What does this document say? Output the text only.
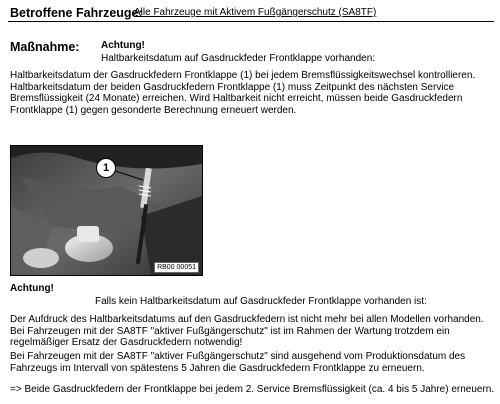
Betroffene Fahrzeuge:
Alle Fahrzeuge mit Aktivem Fußgängerschutz (SA8TF)
Maßnahme: Achtung!
Haltbarkeitsdatum auf Gasdruckfeder Frontklappe vorhanden:
Haltbarkeitsdatum der Gasdruckfedern Frontklappe (1) bei jedem Bremsflüssigkeitswechsel kontrollieren. Haltbarkeitsdatum der beiden Gasdruckfedern Frontklappe (1) muss Zeitpunkt des nächsten Service Bremsflüssigkeit (24 Monate) erreichen. Wird Haltbarkeit nicht erreicht, müssen beide Gasdruckfedern Frontklappe (1) gegen gesonderte Berechnung erneuert werden.
1
RB00 00051
Achtung!
Falls kein Haltbarkeitsdatum auf Gasdruckfeder Frontklappe vorhanden ist:
Der Aufdruck des Haltbarkeitsdatums auf den Gasdruckfedern ist nicht mehr bei allen Modellen vorhanden. Bei Fahrzeugen mit der SA8TF "aktiver Fußgängerschutz" ist im Rahmen der Wartung trotzdem ein regelmäßiger Ersatz der Gasdruckfedern notwendig!
Bei Fahrzeugen mit der SA8TF "aktiver Fußgängerschutz" sind ausgehend vom Produktionsdatum des Fahrzeugs im Intervall von spätestens 5 Jahren die Gasdruckfedern Frontklappe zu erneuern.
=> Beide Gasdruckfedern der Frontklappe bei jedem 2. Service Bremsflüssigkeit (ca. 4 bis 5 Jahre) erneuern.
